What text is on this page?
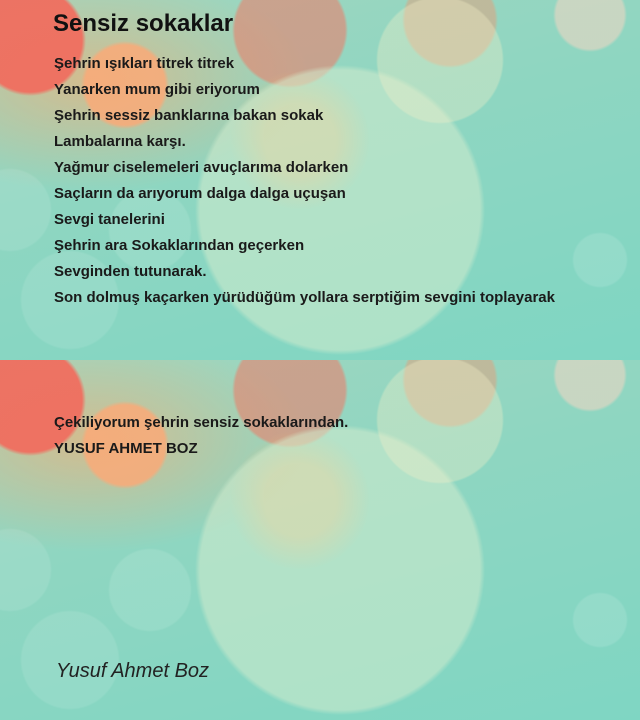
Sensiz sokaklar
Şehrin ışıkları titrek titrek
Yanarken mum gibi eriyorum
Şehrin sessiz banklarına bakan sokak
Lambalarına karşı.
Yağmur ciselemeleri avuçlarıma dolarken
Saçların da arıyorum dalga dalga uçuşan
Sevgi tanelerini
Şehrin ara Sokaklarından geçerken
Sevginden tutunarak.
Son dolmuş kaçarken yürüdüğüm yollara serptiğim sevgini toplayarak
Çekiliyorum şehrin sensiz sokaklarından.
YUSUF AHMET BOZ

Yusuf Ahmet Boz
